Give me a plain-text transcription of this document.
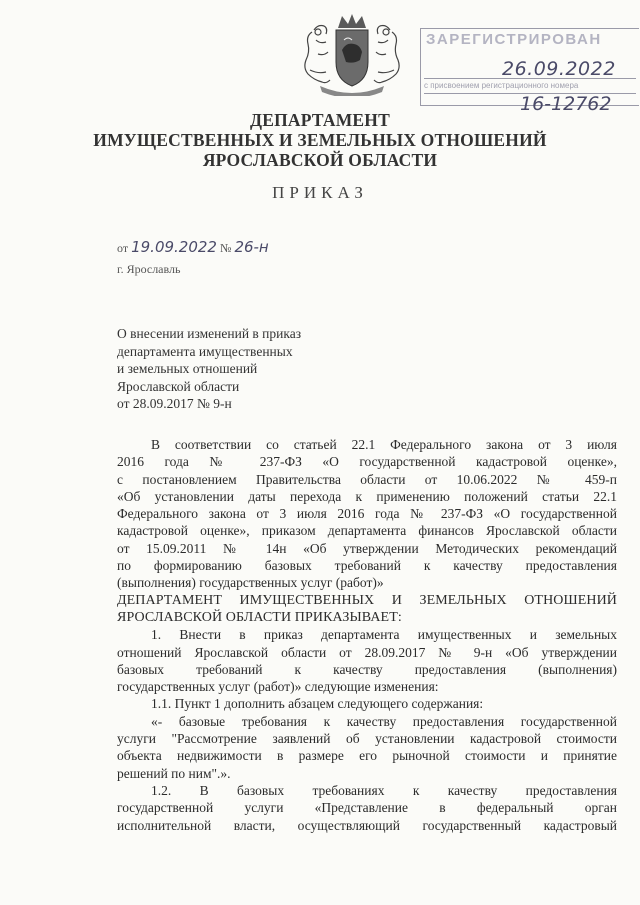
ЗАРЕГИСТРИРОВАН
26.09.2022
с присвоением регистрационного номера
16-12762
ДЕПАРТАМЕНТ
ИМУЩЕСТВЕННЫХ И ЗЕМЕЛЬНЫХ ОТНОШЕНИЙ
ЯРОСЛАВСКОЙ ОБЛАСТИ
ПРИКАЗ
от 19.09.2022 № 26-н
г. Ярославль
О внесении изменений в приказ
департамента имущественных
и земельных отношений
Ярославской области
от 28.09.2017 № 9-н
В соответствии со статьей 22.1 Федерального закона от 3 июля
2016 года № 237-ФЗ «О государственной кадастровой оценке»,
с постановлением Правительства области от 10.06.2022 № 459-п
«Об установлении даты перехода к применению положений статьи 22.1
Федерального закона от 3 июля 2016 года № 237-ФЗ «О государственной
кадастровой оценке», приказом департамента финансов Ярославской области
от 15.09.2011 № 14н «Об утверждении Методических рекомендаций
по формированию базовых требований к качеству предоставления
(выполнения) государственных услуг (работ)»
ДЕПАРТАМЕНТ ИМУЩЕСТВЕННЫХ И ЗЕМЕЛЬНЫХ ОТНОШЕНИЙ
ЯРОСЛАВСКОЙ ОБЛАСТИ ПРИКАЗЫВАЕТ:
1. Внести в приказ департамента имущественных и земельных
отношений Ярославской области от 28.09.2017 № 9-н «Об утверждении
базовых требований к качеству предоставления (выполнения)
государственных услуг (работ)» следующие изменения:
1.1. Пункт 1 дополнить абзацем следующего содержания:
«- базовые требования к качеству предоставления государственной
услуги "Рассмотрение заявлений об установлении кадастровой стоимости
объекта недвижимости в размере его рыночной стоимости и принятие
решений по ним".».
1.2. В базовых требованиях к качеству предоставления
государственной услуги «Представление в федеральный орган
исполнительной власти, осуществляющий государственный кадастровый
